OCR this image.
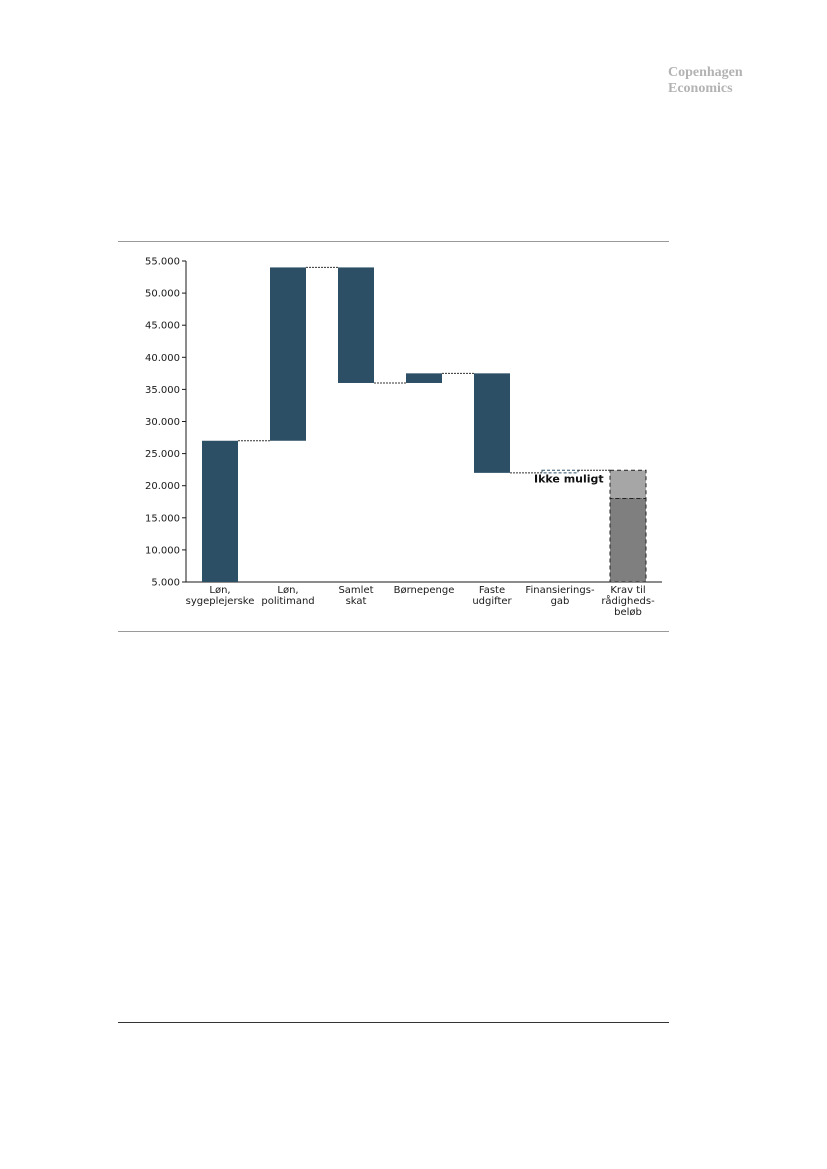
Copenhagen
Economics
5.000
10.000
15.000
20.000
25.000
30.000
35.000
40.000
45.000
50.000
55.000
Løn, sygeplejerske
Løn, politimand
Samlet skat
Børnepenge	Faste udgifter
Finansierings-gab
Krav til rådigheds-beløb
Ikke muligt
